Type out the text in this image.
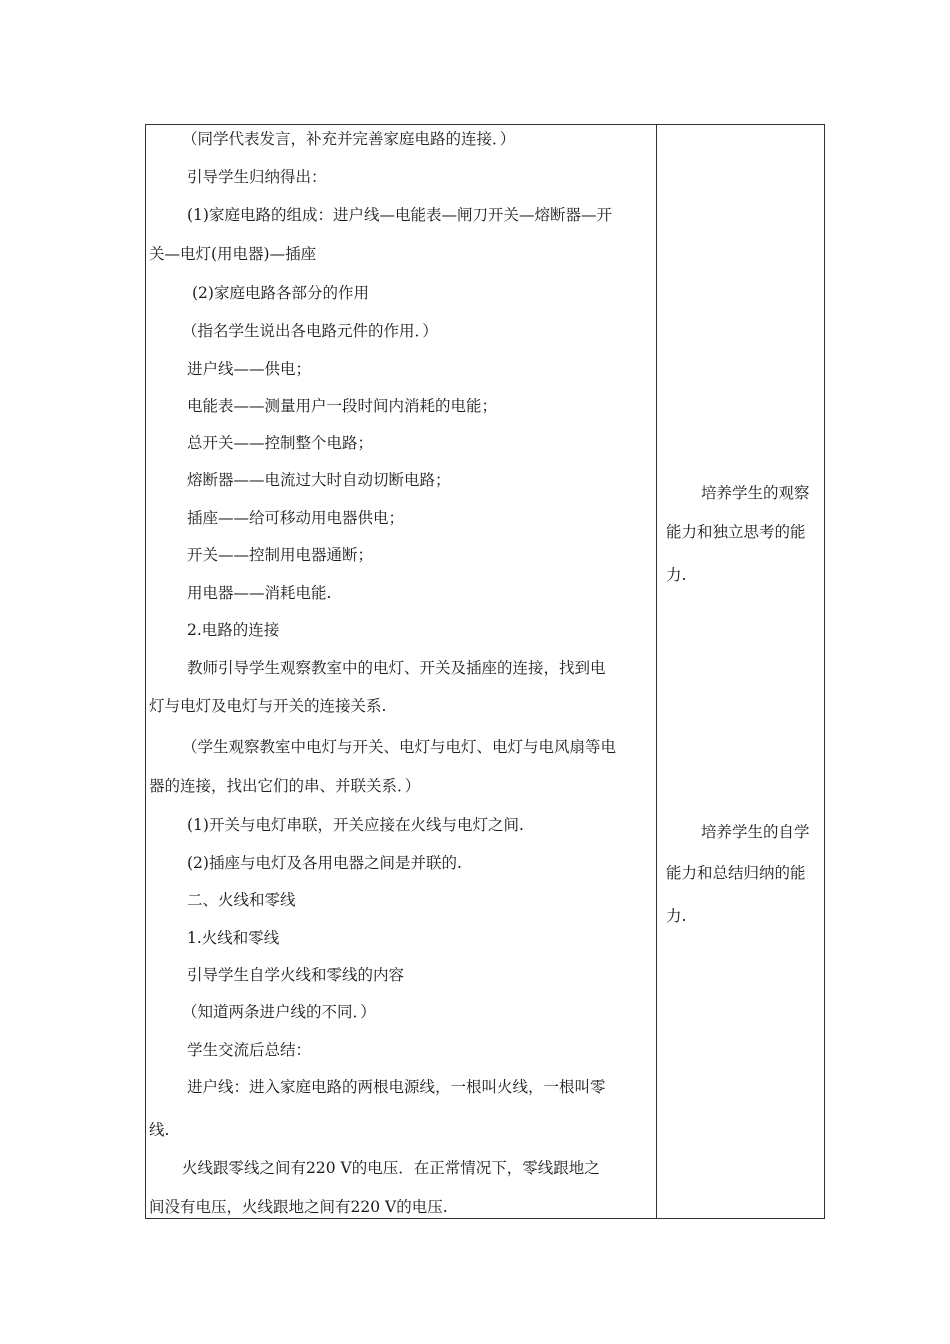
（同学代表发言，补充并完善家庭电路的连接．）

引导学生归纳得出：

(1)家庭电路的组成：进户线—电能表—闸刀开关—熔断器—开

关—电灯(用电器)—插座

(2)家庭电路各部分的作用

（指名学生说出各电路元件的作用．）

进户线——供电；

电能表——测量用户一段时间内消耗的电能；

总开关——控制整个电路；

熔断器——电流过大时自动切断电路；

插座——给可移动用电器供电；

开关——控制用电器通断；

用电器——消耗电能.

2.电路的连接

教师引导学生观察教室中的电灯、开关及插座的连接，找到电

灯与电灯及电灯与开关的连接关系.

（学生观察教室中电灯与开关、电灯与电灯、电灯与电风扇等电

器的连接，找出它们的串、并联关系．）

(1)开关与电灯串联，开关应接在火线与电灯之间.

(2)插座与电灯及各用电器之间是并联的.

二、火线和零线

1.火线和零线

引导学生自学火线和零线的内容

（知道两条进户线的不同．）

学生交流后总结：

进户线：进入家庭电路的两根电源线，一根叫火线，一根叫零

线.

火线跟零线之间有220 V的电压．在正常情况下，零线跟地之

间没有电压，火线跟地之间有220 V的电压.

培养学生的观察

能力和独立思考的能

力.

培养学生的自学

能力和总结归纳的能

力.
